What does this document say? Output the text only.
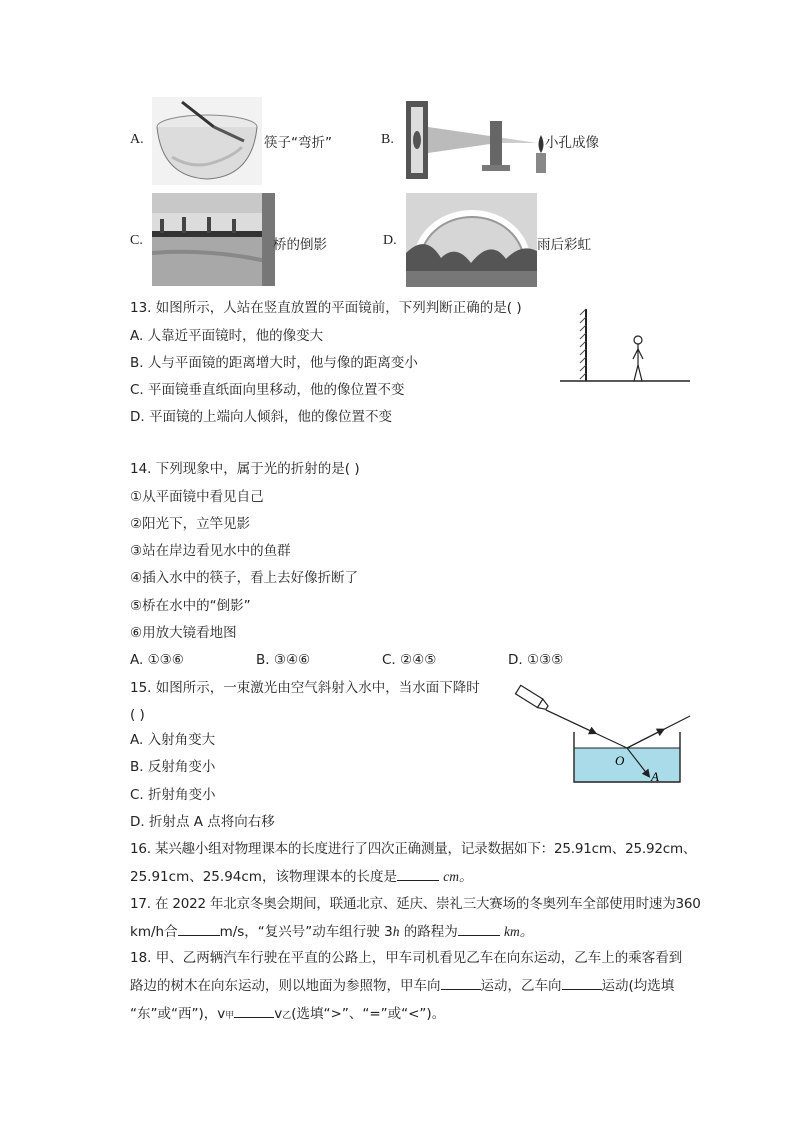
A.	筷子“弯折”	B.	小孔成像
C.	桥的倒影	D.	雨后彩虹
13. 如图所示，人站在竖直放置的平面镜前，下列判断正确的是( )
A. 人靠近平面镜时，他的像变大
B. 人与平面镜的距离增大时，他与像的距离变小
C. 平面镜垂直纸面向里移动，他的像位置不变
D. 平面镜的上端向人倾斜，他的像位置不变
14. 下列现象中，属于光的折射的是( )
①从平面镜中看见自己
②阳光下，立竿见影
③站在岸边看见水中的鱼群
④插入水中的筷子，看上去好像折断了
⑤桥在水中的“倒影”
⑥用放大镜看地图
A. ①③⑥	B. ③④⑥	C. ②④⑤	D. ①③⑤
15. 如图所示，一束激光由空气斜射入水中，当水面下降时
( )
A. 入射角变大
B. 反射角变小
C. 折射角变小
D. 折射点 A 点将向右移
O
A
16. 某兴趣小组对物理课本的长度进行了四次正确测量，记录数据如下：25.91cm、25.92cm、
25.91cm、25.94cm，该物理课本的长度是	cm。
17. 在 2022 年北京冬奥会期间，联通北京、延庆、崇礼三大赛场的冬奥列车全部使用时速为360
km/h合	m/s，“复兴号”动车组行驶 3h 的路程为	km。
18. 甲、乙两辆汽车行驶在平直的公路上，甲车司机看见乙车在向东运动，乙车上的乘客看到
路边的树木在向东运动，则以地面为参照物，甲车向	运动，乙车向	运动(均选填
“东”或“西”)，v甲	v乙(选填“>”、“=”或“<”)。
